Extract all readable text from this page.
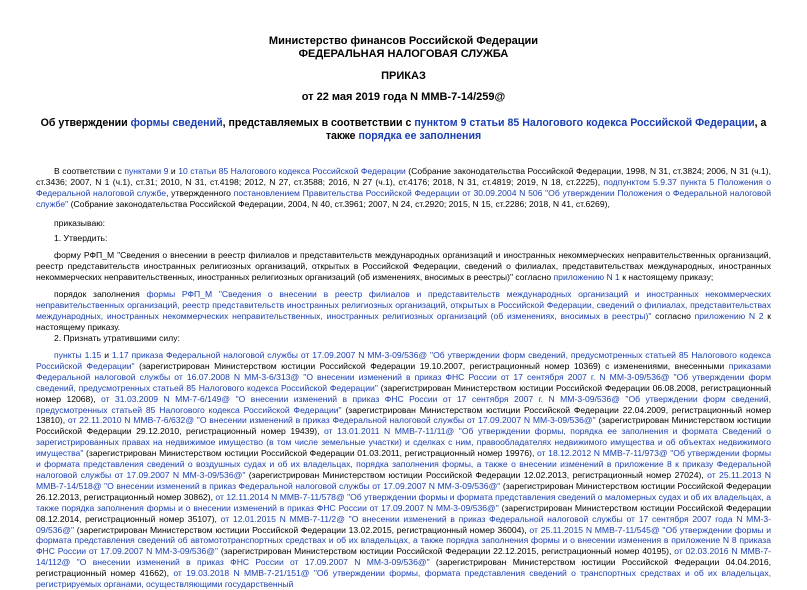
Министерство финансов Российской Федерации
ФЕДЕРАЛЬНАЯ НАЛОГОВАЯ СЛУЖБА
ПРИКАЗ
от 22 мая 2019 года N ММВ-7-14/259@
Об утверждении формы сведений, представляемых в соответствии с пунктом 9 статьи 85 Налогового кодекса Российской Федерации, а также порядка ее заполнения
В соответствии с пунктами 9 и 10 статьи 85 Налогового кодекса Российской Федерации (Собрание законодательства Российской Федерации, 1998, N 31, ст.3824; 2006, N 31 (ч.1), ст.3436; 2007, N 1 (ч.1), ст.31; 2010, N 31, ст.4198; 2012, N 27, ст.3588; 2016, N 27 (ч.1), ст.4176; 2018, N 31, ст.4819; 2019, N 18, ст.2225), подпунктом 5.9.37 пункта 5 Положения о Федеральной налоговой службе, утвержденного постановлением Правительства Российской Федерации от 30.09.2004 N 506 "Об утверждении Положения о Федеральной налоговой службе" (Собрание законодательства Российской Федерации, 2004, N 40, ст.3961; 2007, N 24, ст.2920; 2015, N 15, ст.2286; 2018, N 41, ст.6269),
приказываю:
1. Утвердить:
форму РФП_М "Сведения о внесении в реестр филиалов и представительств международных организаций и иностранных некоммерческих неправительственных организаций, реестр представительств иностранных религиозных организаций, открытых в Российской Федерации, сведений о филиалах, представительствах международных, иностранных некоммерческих неправительственных, иностранных религиозных организаций (об изменениях, вносимых в реестры)" согласно приложению N 1 к настоящему приказу;
порядок заполнения формы РФП_М "Сведения о внесении в реестр филиалов и представительств международных организаций и иностранных некоммерческих неправительственных организаций, реестр представительств иностранных религиозных организаций, открытых в Российской Федерации, сведений о филиалах, представительствах международных, иностранных некоммерческих неправительственных, иностранных религиозных организаций (об изменениях, вносимых в реестры)" согласно приложению N 2 к настоящему приказу.
2. Признать утратившими силу:
пункты 1.15 и 1.17 приказа Федеральной налоговой службы от 17.09.2007 N ММ-3-09/536@ "Об утверждении форм сведений, предусмотренных статьей 85 Налогового кодекса Российской Федерации" (зарегистрирован Министерством юстиции Российской Федерации 19.10.2007, регистрационный номер 10369) с изменениями, внесенными приказами Федеральной налоговой службы от 16.07.2008 N ММ-3-6/313@ "О внесении изменений в приказ ФНС России от 17 сентября 2007 г. N ММ-3-09/536@ "Об утверждении форм сведений, предусмотренных статьей 85 Налогового кодекса Российской Федерации" (зарегистрирован Министерством юстиции Российской Федерации 06.08.2008, регистрационный номер 12068), от 31.03.2009 N ММ-7-6/149@ "О внесении изменений в приказ ФНС России от 17 сентября 2007 г. N ММ-3-09/536@ "Об утверждении форм сведений, предусмотренных статьей 85 Налогового кодекса Российской Федерации" (зарегистрирован Министерством юстиции Российской Федерации 22.04.2009, регистрационный номер 13810), от 22.11.2010 N ММВ-7-6/632@ "О внесении изменений в приказ Федеральной налоговой службы от 17.09.2007 N ММ-3-09/536@" (зарегистрирован Министерством юстиции Российской Федерации 29.12.2010, регистрационный номер 19439), от 13.01.2011 N ММВ-7-11/11@ "Об утверждении формы, порядка ее заполнения и формата Сведений о зарегистрированных правах на недвижимое имущество (в том числе земельные участки) и сделках с ним, правообладателях недвижимого имущества и об объектах недвижимого имущества" (зарегистрирован Министерством юстиции Российской Федерации 01.03.2011, регистрационный номер 19976), от 18.12.2012 N ММВ-7-11/973@ "Об утверждении формы и формата представления сведений о воздушных судах и об их владельцах, порядка заполнения формы, а также о внесении изменений в приложение 8 к приказу Федеральной налоговой службы от 17.09.2007 N ММ-3-09/536@" (зарегистрирован Министерством юстиции Российской Федерации 12.02.2013, регистрационный номер 27024), от 25.11.2013 N ММВ-7-14/518@ "О внесении изменений в приказ Федеральной налоговой службы от 17.09.2007 N ММ-3-09/536@" (зарегистрирован Министерством юстиции Российской Федерации 26.12.2013, регистрационный номер 30862), от 12.11.2014 N ММВ-7-11/578@ "Об утверждении формы и формата представления сведений о маломерных судах и об их владельцах, а также порядка заполнения формы и о внесении изменений в приказ ФНС России от 17.09.2007 N ММ-3-09/536@" (зарегистрирован Министерством юстиции Российской Федерации 08.12.2014, регистрационный номер 35107), от 12.01.2015 N ММВ-7-11/2@ "О внесении изменений в приказ Федеральной налоговой службы от 17 сентября 2007 года N ММ-3-09/536@" (зарегистрирован Министерством юстиции Российской Федерации 13.02.2015, регистрационный номер 36004), от 25.11.2015 N ММВ-7-11/545@ "Об утверждении формы и формата представления сведений об автомототранспортных средствах и об их владельцах, а также порядка заполнения формы и о внесении изменения в приложение N 8 приказа ФНС России от 17.09.2007 N ММ-3-09/536@" (зарегистрирован Министерством юстиции Российской Федерации 22.12.2015, регистрационный номер 40195), от 02.03.2016 N ММВ-7-14/112@ "О внесении изменений в приказ ФНС России от 17.09.2007 N ММ-3-09/536@" (зарегистрирован Министерством юстиции Российской Федерации 04.04.2016, регистрационный номер 41662), от 19.03.2018 N ММВ-7-21/151@ "Об утверждении формы, формата представления сведений о транспортных средствах и об их владельцах, регистрируемых органами, осуществляющими государственный
